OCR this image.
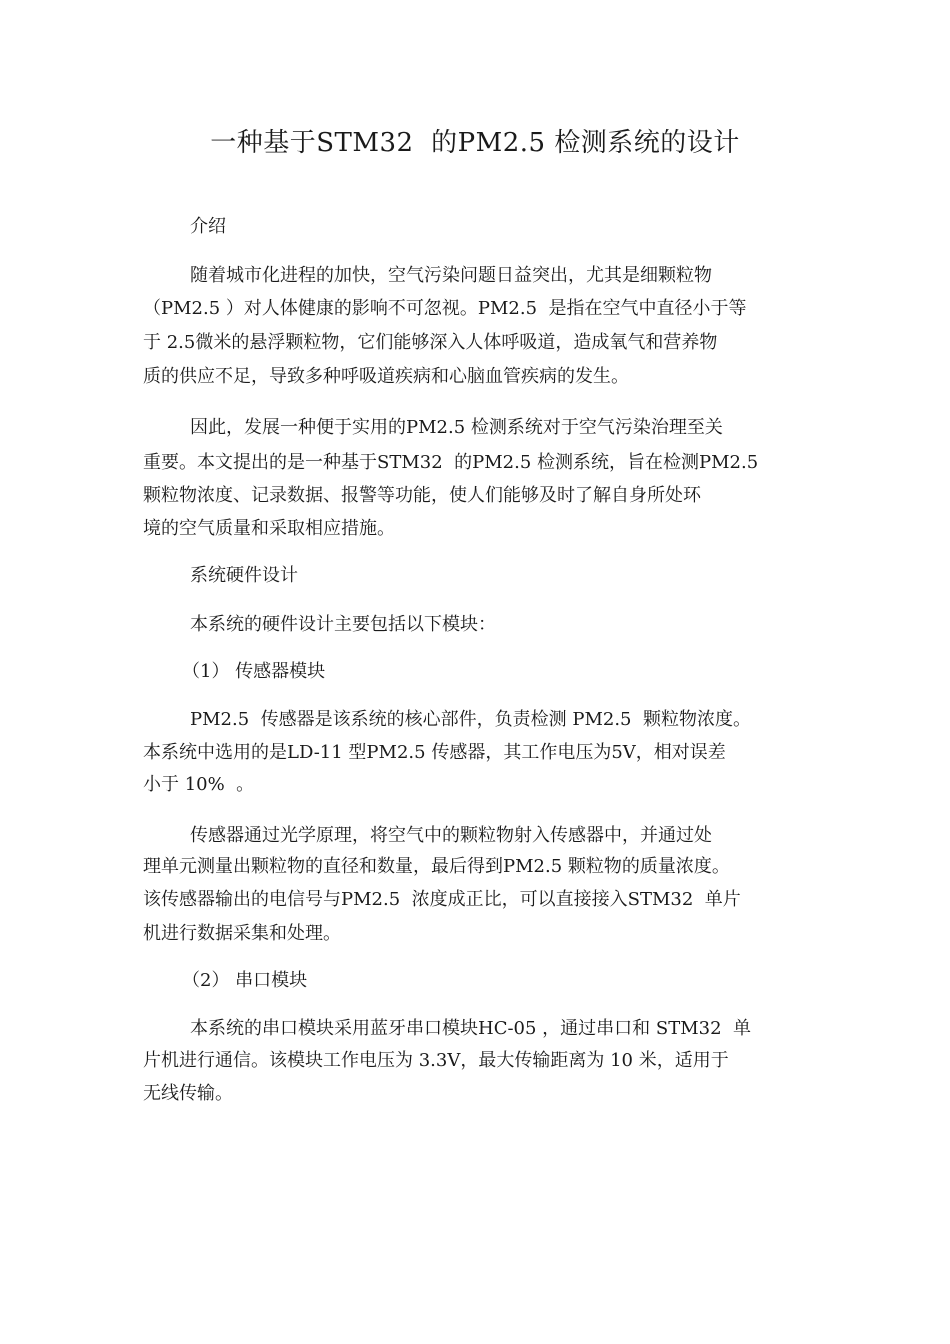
一种基于STM32  的PM2.5 检测系统的设计

介绍

随着城市化进程的加快，空气污染问题日益突出，尤其是细颗粒物

（PM2.5 ）对人体健康的影响不可忽视。PM2.5  是指在空气中直径小于等

于 2.5微米的悬浮颗粒物，它们能够深入人体呼吸道，造成氧气和营养物

质的供应不足，导致多种呼吸道疾病和心脑血管疾病的发生。

因此，发展一种便于实用的PM2.5 检测系统对于空气污染治理至关

重要。本文提出的是一种基于STM32  的PM2.5 检测系统，旨在检测PM2.5

颗粒物浓度、记录数据、报警等功能，使人们能够及时了解自身所处环

境的空气质量和采取相应措施。

系统硬件设计

本系统的硬件设计主要包括以下模块：

（1） 传感器模块

PM2.5  传感器是该系统的核心部件，负责检测 PM2.5  颗粒物浓度。

本系统中选用的是LD-11 型PM2.5 传感器，其工作电压为5V，相对误差

小于 10%  。

传感器通过光学原理，将空气中的颗粒物射入传感器中，并通过处

理单元测量出颗粒物的直径和数量，最后得到PM2.5 颗粒物的质量浓度。

该传感器输出的电信号与PM2.5  浓度成正比，可以直接接入STM32  单片

机进行数据采集和处理。

（2） 串口模块

本系统的串口模块采用蓝牙串口模块HC-05 ，通过串口和 STM32  单

片机进行通信。该模块工作电压为 3.3V，最大传输距离为 10 米，适用于

无线传输。
